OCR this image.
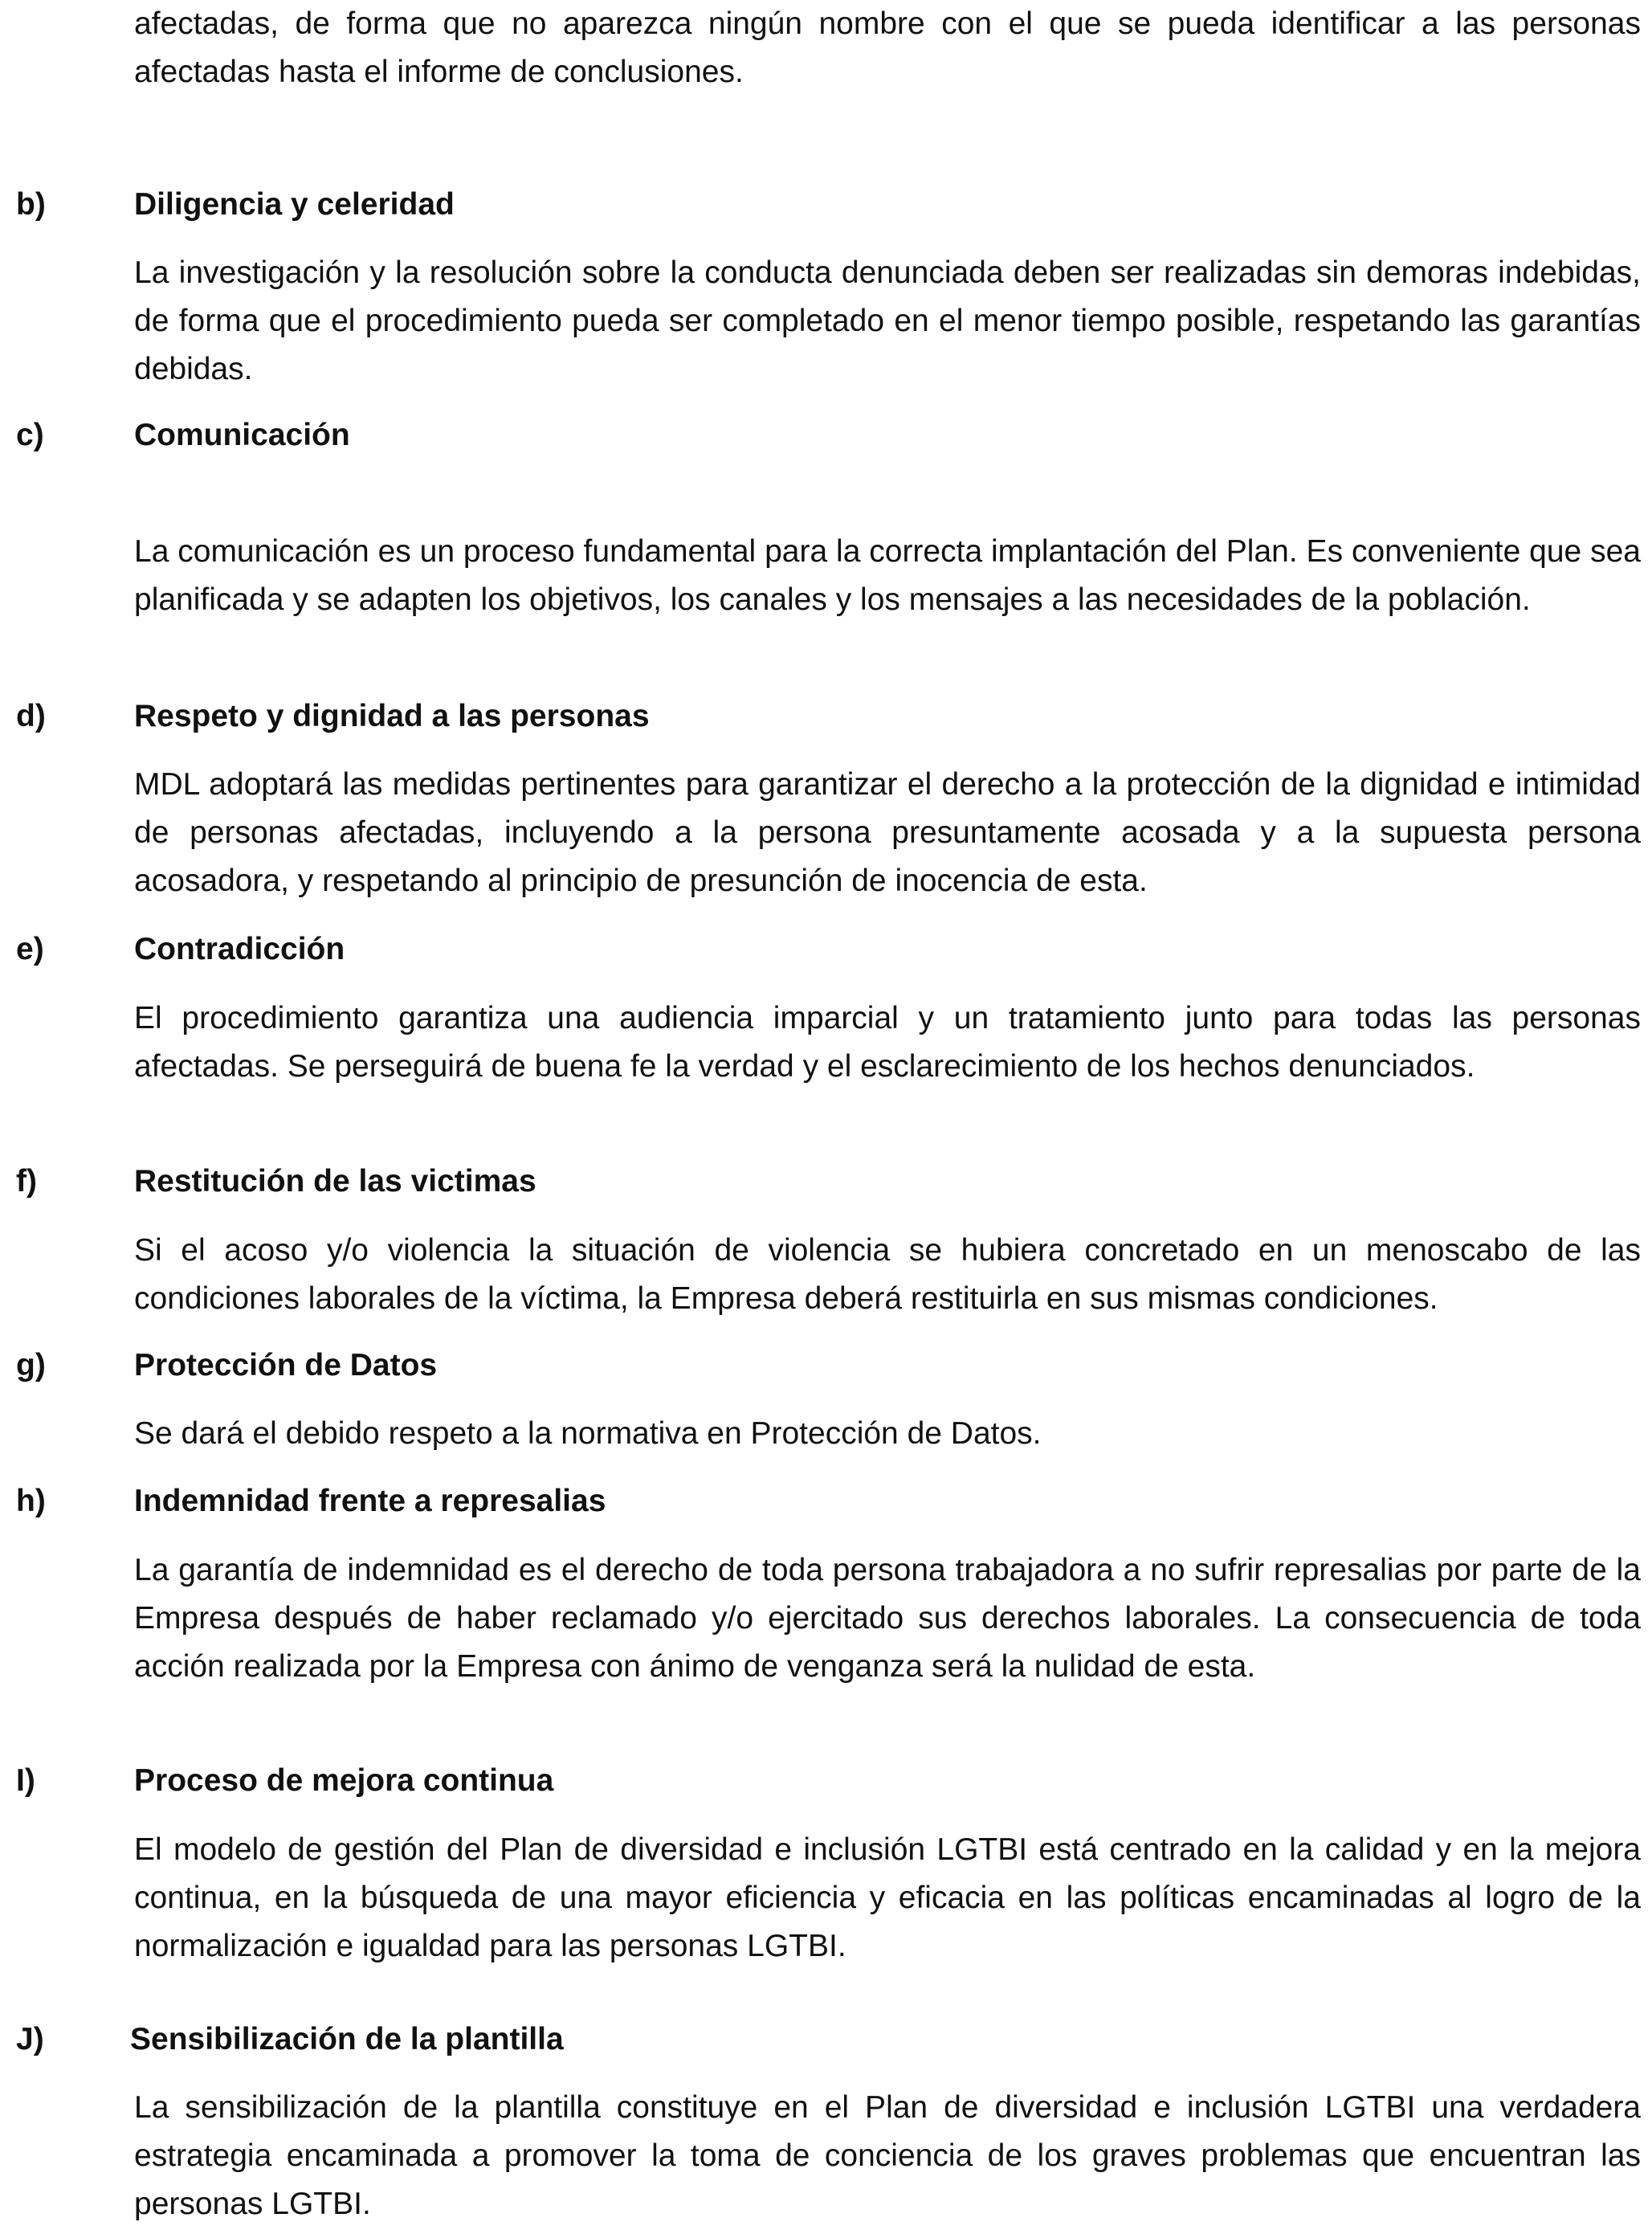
afectadas, de forma que no aparezca ningún nombre con el que se pueda identificar a las personas afectadas hasta el informe de conclusiones.

b)	Diligencia y celeridad

La investigación y la resolución sobre la conducta denunciada deben ser realizadas sin demoras indebidas, de forma que el procedimiento pueda ser completado en el menor tiempo posible, respetando las garantías debidas.

c)	Comunicación

La comunicación es un proceso fundamental para la correcta implantación del Plan. Es conveniente que sea planificada y se adapten los objetivos, los canales y los mensajes a las necesidades de la población.

d)	Respeto y dignidad a las personas

MDL adoptará las medidas pertinentes para garantizar el derecho a la protección de la dignidad e intimidad de personas afectadas, incluyendo a la persona presuntamente acosada y a la supuesta persona acosadora, y respetando al principio de presunción de inocencia de esta.

e)	Contradicción

El procedimiento garantiza una audiencia imparcial y un tratamiento junto para todas las personas afectadas. Se perseguirá de buena fe la verdad y el esclarecimiento de los hechos denunciados.

f)	Restitución de las victimas

Si el acoso y/o violencia la situación de violencia se hubiera concretado en un menoscabo de las condiciones laborales de la víctima, la Empresa deberá restituirla en sus mismas condiciones.

g)	Protección de Datos

Se dará el debido respeto a la normativa en Protección de Datos.

h)	Indemnidad frente a represalias

La garantía de indemnidad es el derecho de toda persona trabajadora a no sufrir represalias por parte de la Empresa después de haber reclamado y/o ejercitado sus derechos laborales. La consecuencia de toda acción realizada por la Empresa con ánimo de venganza será la nulidad de esta.

I)	Proceso de mejora continua

El modelo de gestión del Plan de diversidad e inclusión LGTBI está centrado en la calidad y en la mejora continua, en la búsqueda de una mayor eficiencia y eficacia en las políticas encaminadas al logro de la normalización e igualdad para las personas LGTBI.

J)	Sensibilización de la plantilla

La sensibilización de la plantilla constituye en el Plan de diversidad e inclusión LGTBI una verdadera estrategia encaminada a promover la toma de conciencia de los graves problemas que encuentran las personas LGTBI.
